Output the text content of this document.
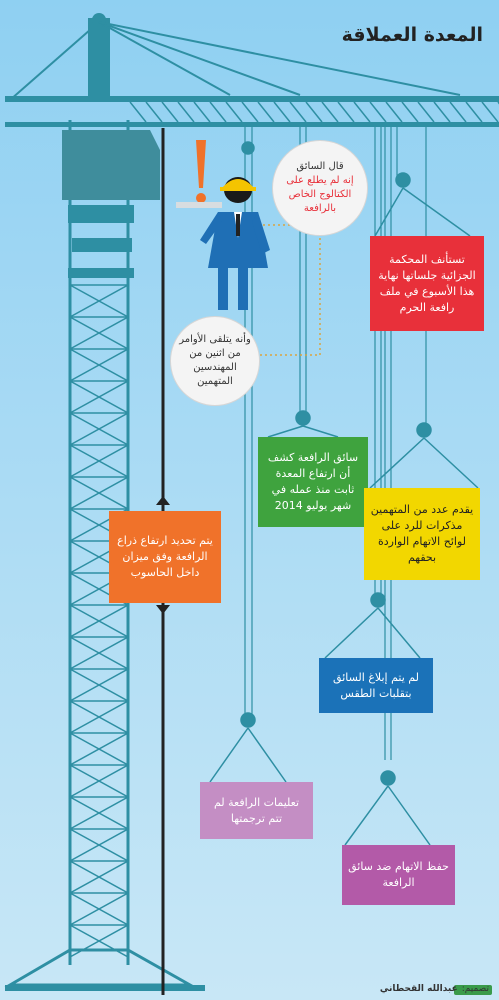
المعدة العملاقة
قال السائق
إنه لم يطلع على الكتالوج الخاص بالرافعة
وأنه يتلقى الأوامر من اثنين من المهندسين المتهمين
تستأنف المحكمة الجزائية جلساتها نهاية هذا الأسبوع في ملف رافعة الحرم
سائق الرافعة كشف أن ارتفاع المعدة ثابت منذ عمله في شهر يوليو 2014
يتم تحديد ارتفاع ذراع الرافعة وفق ميزان داخل الحاسوب
يقدم عدد من المتهمين مذكرات للرد على لوائح الاتهام الواردة بحقهم
لم يتم إبلاغ السائق بتقلبات الطقس
تعليمات الرافعة لم تتم ترجمتها
حفظ الاتهام ضد سائق الرافعة
تصميم:
عبدالله القحطاني
